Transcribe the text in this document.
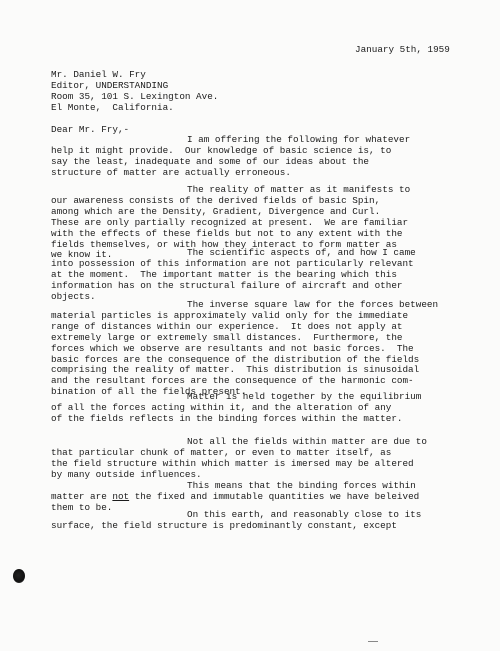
January 5th, 1959
Mr. Daniel W. Fry
Editor, UNDERSTANDING
Room 35, 101 S. Lexington Ave.
El Monte,  California.
Dear Mr. Fry,-
I am offering the following for whatever
help it might provide.  Our knowledge of basic science is, to
say the least, inadequate and some of our ideas about the
structure of matter are actually erroneous.
The reality of matter as it manifests to
our awareness consists of the derived fields of basic Spin,
among which are the Density, Gradient, Divergence and Curl.
These are only partially recognized at present.  We are familiar
with the effects of these fields but not to any extent with the
fields themselves, or with how they interact to form matter as
we know it.	The scientific aspects of, and how I came
into possession of this information are not particularly relevant
at the moment.  The important matter is the bearing which this
information has on the structural failure of aircraft and other
objects.
The inverse square law for the forces between
material particles is approximately valid only for the immediate
range of distances within our experience.  It does not apply at
extremely large or extremely small distances.  Furthermore, the
forces which we observe are resultants and not basic forces.  The
basic forces are the consequence of the distribution of the fields
comprising the reality of matter.  This distribution is sinusoidal
and the resultant forces are the consequence of the harmonic com-
bination of all the fields present.
Matter is held together by the equilibrium
of all the forces acting within it, and the alteration of any
of the fields reflects in the binding forces within the matter.
Not all the fields within matter are due to
that particular chunk of matter, or even to matter itself, as
the field structure within which matter is imersed may be altered
by many outside influences.
This means that the binding forces within
matter are not the fixed and immutable quantities we have beleived
them to be.
On this earth, and reasonably close to its
surface, the field structure is predominantly constant, except
